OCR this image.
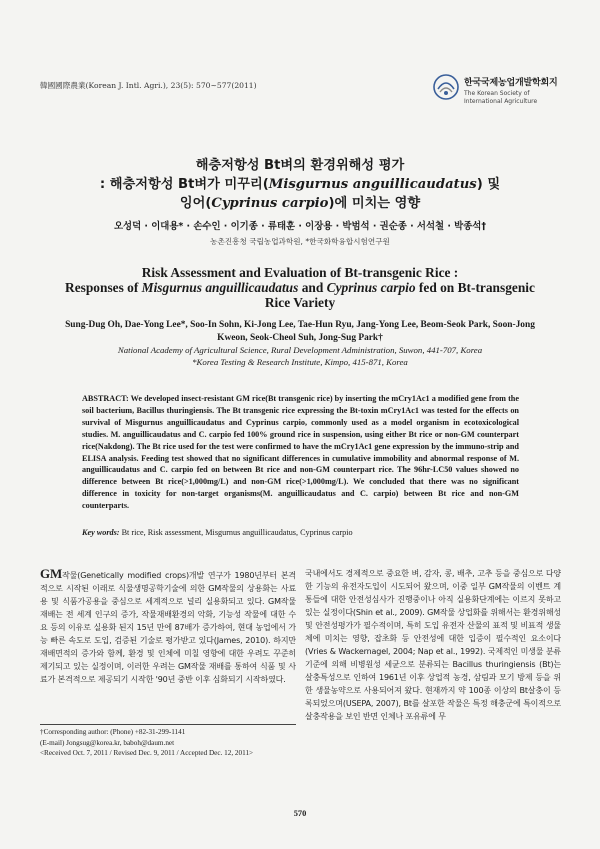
韓國國際農業(Korean J. Intl. Agri.), 23(5): 570~577(2011)	한국국제농업개발학회지
The Korean Society of International Agriculture
해충저항성 Bt벼의 환경위해성 평가
: 해충저항성 Bt벼가 미꾸리(Misgurnus anguillicaudatus) 및
잉어(Cyprinus carpio)에 미치는 영향
오성덕 · 이대용* · 손수인 · 이기종 · 류태훈 · 이장용 · 박범석 · 권순종 · 서석철 · 박종석†
농촌진흥청 국립농업과학원, *한국화학융합시험연구원
Risk Assessment and Evaluation of Bt-transgenic Rice :
Responses of Misgurnus anguillicaudatus and Cyprinus carpio fed on Bt-transgenic
Rice Variety
Sung-Dug Oh, Dae-Yong Lee*, Soo-In Sohn, Ki-Jong Lee, Tae-Hun Ryu, Jang-Yong Lee, Beom-Seok Park, Soon-Jong
Kweon, Seok-Cheol Suh, Jong-Sug Park†
National Academy of Agricultural Science, Rural Development Administration, Suwon, 441-707, Korea
*Korea Testing & Research Institute, Kimpo, 415-871, Korea
ABSTRACT: We developed insect-resistant GM rice(Bt transgenic rice) by inserting the mCry1Ac1 a modified gene from the soil bacterium, Bacillus thuringiensis. The Bt transgenic rice expressing the Bt-toxin mCry1Ac1 was tested for the effects on survival of Misgurnus anguillicaudatus and Cyprinus carpio, commonly used as a model organism in ecotoxicological studies. M. anguillicaudatus and C. carpio fed 100% ground rice in suspension, using either Bt rice or non-GM counterpart rice(Nakdong). The Bt rice used for the test were confirmed to have the mCry1Ac1 gene expression by the immuno-strip and ELISA analysis. Feeding test showed that no significant differences in cumulative immobility and abnormal response of M. anguillicaudatus and C. carpio fed on between Bt rice and non-GM counterpart rice. The 96hr-LC50 values showed no difference between Bt rice(>1,000mg/L) and non-GM rice(>1,000mg/L). We concluded that there was no significant difference in toxicity for non-target organisms(M. anguillicaudatus and C. carpio) between Bt rice and non-GM counterparts.
Key words: Bt rice, Risk assessment, Misgurnus anguillicaudatus, Cyprinus carpio
GM작물(Genetically modified crops)개발 연구가 1980년부터 본격적으로 시작된 이래로 식물생명공학기술에 의한 GM작물의 상용화는 사료용 및 식품가공용을 중심으로 세계적으로 널리 실용화되고 있다. GM작물 재배는 전 세계 인구의 증가, 작물재배환경의 악화, 기능성 작물에 대한 수요 등의 이유로 실용화 된지 15년 만에 87배가 증가하여, 현대 농업에서 가능 빠른 속도로 도입, 검증된 기술로 평가받고 있다(James, 2010). 하지만 재배면적의 증가와 함께, 환경 및 인체에 미칠 영향에 대한 우려도 꾸준히 제기되고 있는 실정이며, 이러한 우려는 GM작물 재배를 통하여 식품 및 사료가 본격적으로 제공되기 시작한 '90년 중반 이후 심화되기 시작하였다.
†Corresponding author: (Phone) +82-31-299-1141
(E-mail) Jongsug@korea.kr, baboh@daum.net
<Received Oct. 7, 2011 / Revised Dec. 9, 2011 / Accepted Dec. 12, 2011>
국내에서도 경제적으로 중요한 벼, 감자, 콩, 배추, 고추 등을 중심으로 다양한 기능의 유전자도입이 시도되어 왔으며, 이중 일부 GM작물의 이벤트 계통들에 대한 안전성심사가 진행중이나 아직 실용화단계에는 이르지 못하고 있는 실정이다(Shin et al., 2009). GM작물 상업화를 위해서는 환경위해성 및 안전성평가가 필수적이며, 특히 도입 유전자 산물의 표적 및 비표적 생물체에 미치는 영향, 잡초화 등 안전성에 대한 입증이 필수적인 요소이다(Vries & Wackernagel, 2004; Nap et al., 1992). 국제적인 미생물 분류기준에 의해 비병원성 세균으로 분류되는 Bacillus thuringiensis (Bt)는 살충특성으로 인하여 1961년 이후 상업적 농경, 삼림과 모기 방제 등을 위한 생물농약으로 사용되어져 왔다. 현재까지 약 100종 이상의 Bt살충이 등록되었으며(USEPA, 2007), Bt를 살포한 작물은 특정 해충군에 특이적으로 살충작용을 보인 반면 인체나 포유류에 무
570
